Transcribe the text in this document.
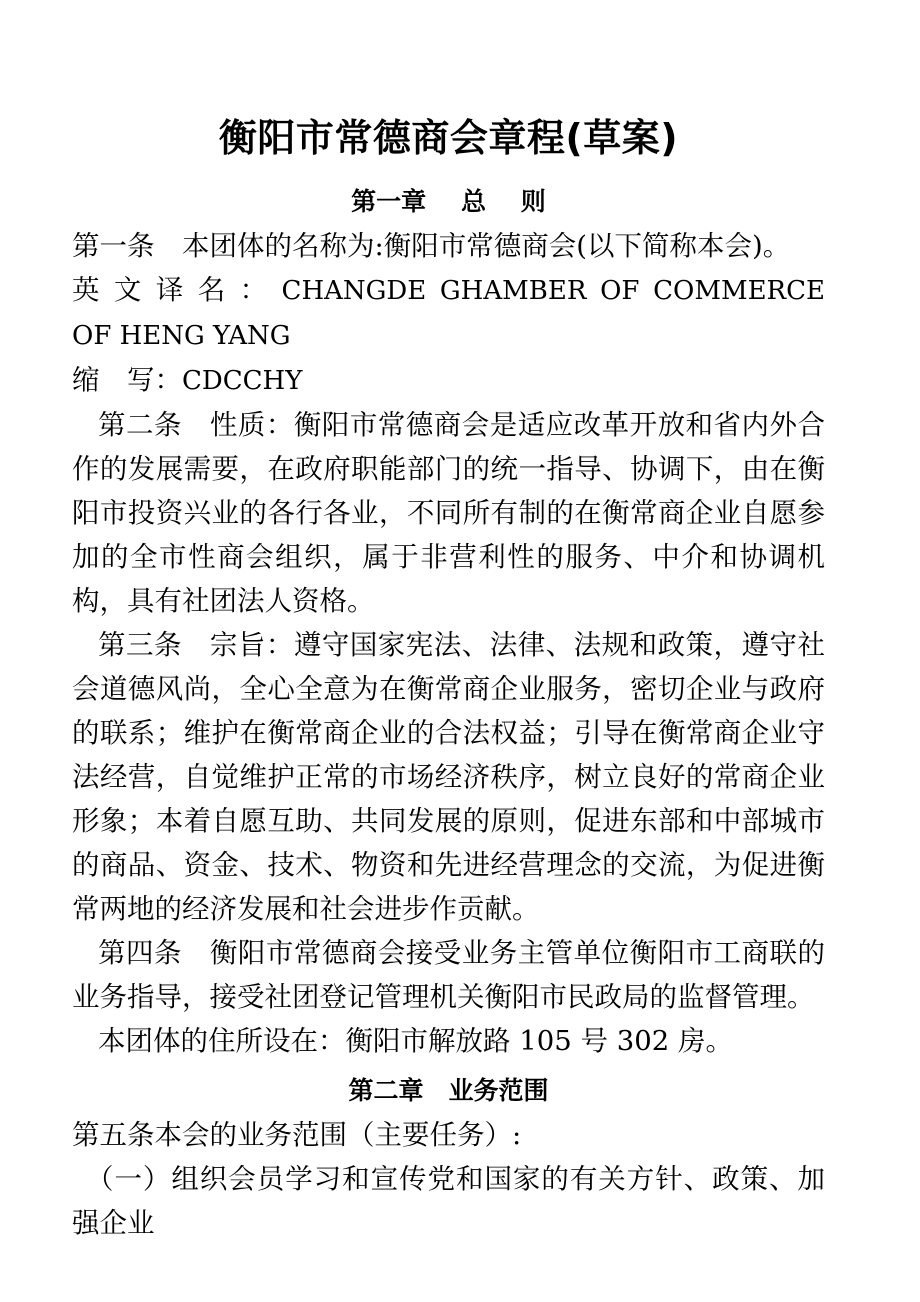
衡阳市常德商会章程(草案)
第一章    总    则

第一条　本团体的名称为:衡阳市常德商会(以下简称本会)。

英文译名：CHANGDE GHAMBER OF COMMERCE OF HENG YANG

缩　写：CDCCHY

第二条　性质：衡阳市常德商会是适应改革开放和省内外合作的发展需要，在政府职能部门的统一指导、协调下，由在衡阳市投资兴业的各行各业，不同所有制的在衡常商企业自愿参加的全市性商会组织，属于非营利性的服务、中介和协调机构，具有社团法人资格。

第三条　宗旨：遵守国家宪法、法律、法规和政策，遵守社会道德风尚，全心全意为在衡常商企业服务，密切企业与政府的联系；维护在衡常商企业的合法权益；引导在衡常商企业守法经营，自觉维护正常的市场经济秩序，树立良好的常商企业形象；本着自愿互助、共同发展的原则，促进东部和中部城市的商品、资金、技术、物资和先进经营理念的交流，为促进衡常两地的经济发展和社会进步作贡献。

第四条　衡阳市常德商会接受业务主管单位衡阳市工商联的业务指导，接受社团登记管理机关衡阳市民政局的监督管理。

本团体的住所设在：衡阳市解放路 105 号 302 房。

第二章　业务范围

第五条本会的业务范围（主要任务）:

（一）组织会员学习和宣传党和国家的有关方针、政策、加强企业
